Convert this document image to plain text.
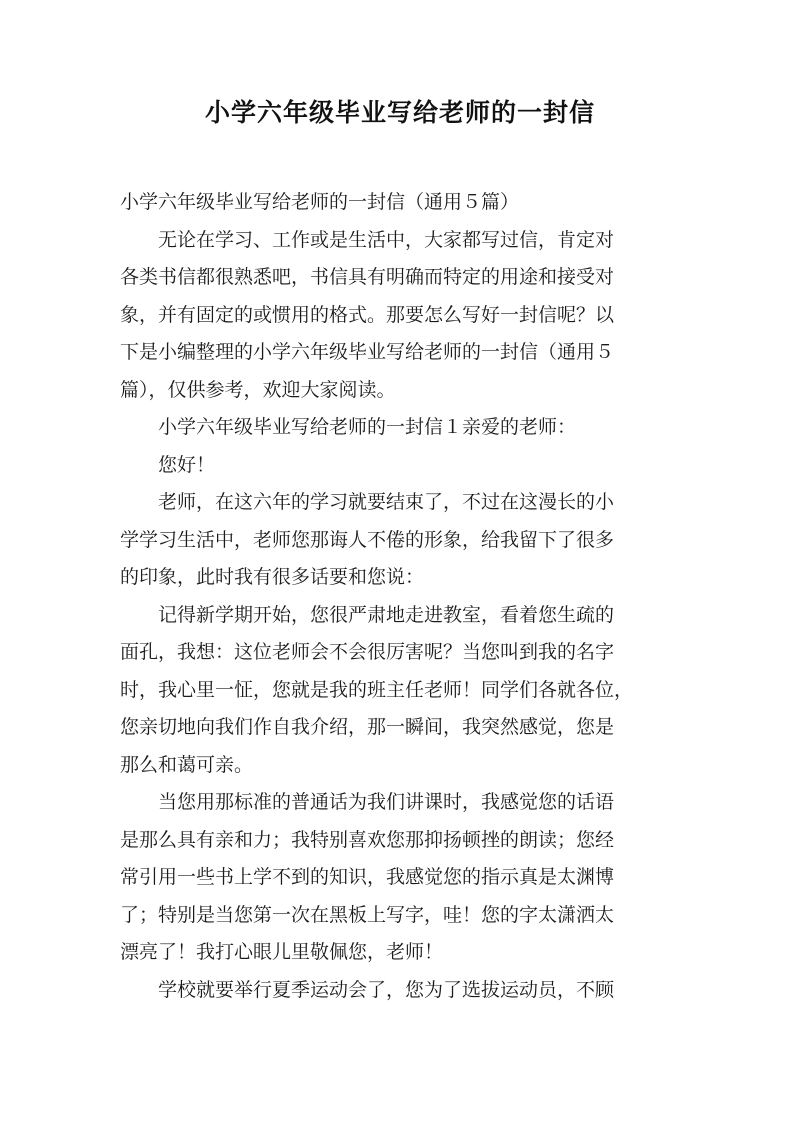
小学六年级毕业写给老师的一封信

小学六年级毕业写给老师的一封信（通用５篇）

无论在学习、工作或是生活中，大家都写过信，肯定对
各类书信都很熟悉吧，书信具有明确而特定的用途和接受对
象，并有固定的或惯用的格式。那要怎么写好一封信呢？以
下是小编整理的小学六年级毕业写给老师的一封信（通用５
篇），仅供参考，欢迎大家阅读。

小学六年级毕业写给老师的一封信１亲爱的老师：

您好！

老师，在这六年的学习就要结束了，不过在这漫长的小
学学习生活中，老师您那诲人不倦的形象，给我留下了很多
的印象，此时我有很多话要和您说：

记得新学期开始，您很严肃地走进教室，看着您生疏的
面孔，我想：这位老师会不会很厉害呢？当您叫到我的名字
时，我心里一怔，您就是我的班主任老师！同学们各就各位，
您亲切地向我们作自我介绍，那一瞬间，我突然感觉，您是
那么和蔼可亲。

当您用那标准的普通话为我们讲课时，我感觉您的话语
是那么具有亲和力；我特别喜欢您那抑扬顿挫的朗读；您经
常引用一些书上学不到的知识，我感觉您的指示真是太渊博
了；特别是当您第一次在黑板上写字，哇！您的字太潇洒太
漂亮了！我打心眼儿里敬佩您，老师！

学校就要举行夏季运动会了，您为了选拔运动员，不顾
